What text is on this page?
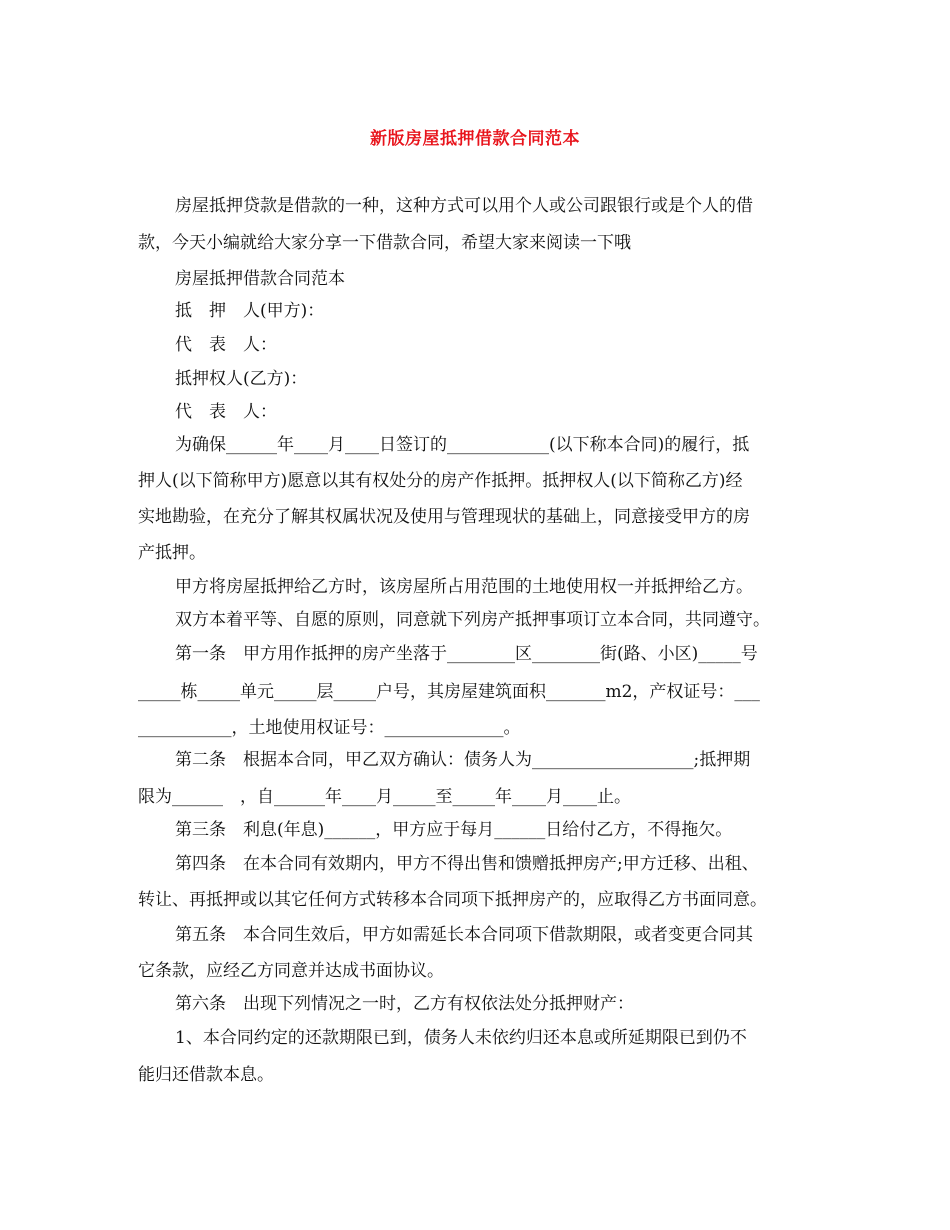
新版房屋抵押借款合同范本
房屋抵押贷款是借款的一种，这种方式可以用个人或公司跟银行或是个人的借
款，今天小编就给大家分享一下借款合同，希望大家来阅读一下哦
房屋抵押借款合同范本
抵　押　人(甲方)：
代　表　人：
抵押权人(乙方)：
代　表　人：
为确保______年____月____日签订的____________(以下称本合同)的履行，抵
押人(以下简称甲方)愿意以其有权处分的房产作抵押。抵押权人(以下简称乙方)经
实地勘验，在充分了解其权属状况及使用与管理现状的基础上，同意接受甲方的房
产抵押。
甲方将房屋抵押给乙方时，该房屋所占用范围的土地使用权一并抵押给乙方。
双方本着平等、自愿的原则，同意就下列房产抵押事项订立本合同，共同遵守。
第一条　甲方用作抵押的房产坐落于________区________街(路、小区)_____号
_____栋_____单元_____层_____户号，其房屋建筑面积_______m2，产权证号：___
___________，土地使用权证号：______________。
第二条　根据本合同，甲乙双方确认：债务人为___________________;抵押期
限为______　，自______年____月_____至_____年____月____止。
第三条　利息(年息)______，甲方应于每月______日给付乙方，不得拖欠。
第四条　在本合同有效期内，甲方不得出售和馈赠抵押房产;甲方迁移、出租、
转让、再抵押或以其它任何方式转移本合同项下抵押房产的，应取得乙方书面同意。
第五条　本合同生效后，甲方如需延长本合同项下借款期限，或者变更合同其
它条款，应经乙方同意并达成书面协议。
第六条　出现下列情况之一时，乙方有权依法处分抵押财产：
1、本合同约定的还款期限已到，债务人未依约归还本息或所延期限已到仍不
能归还借款本息。
